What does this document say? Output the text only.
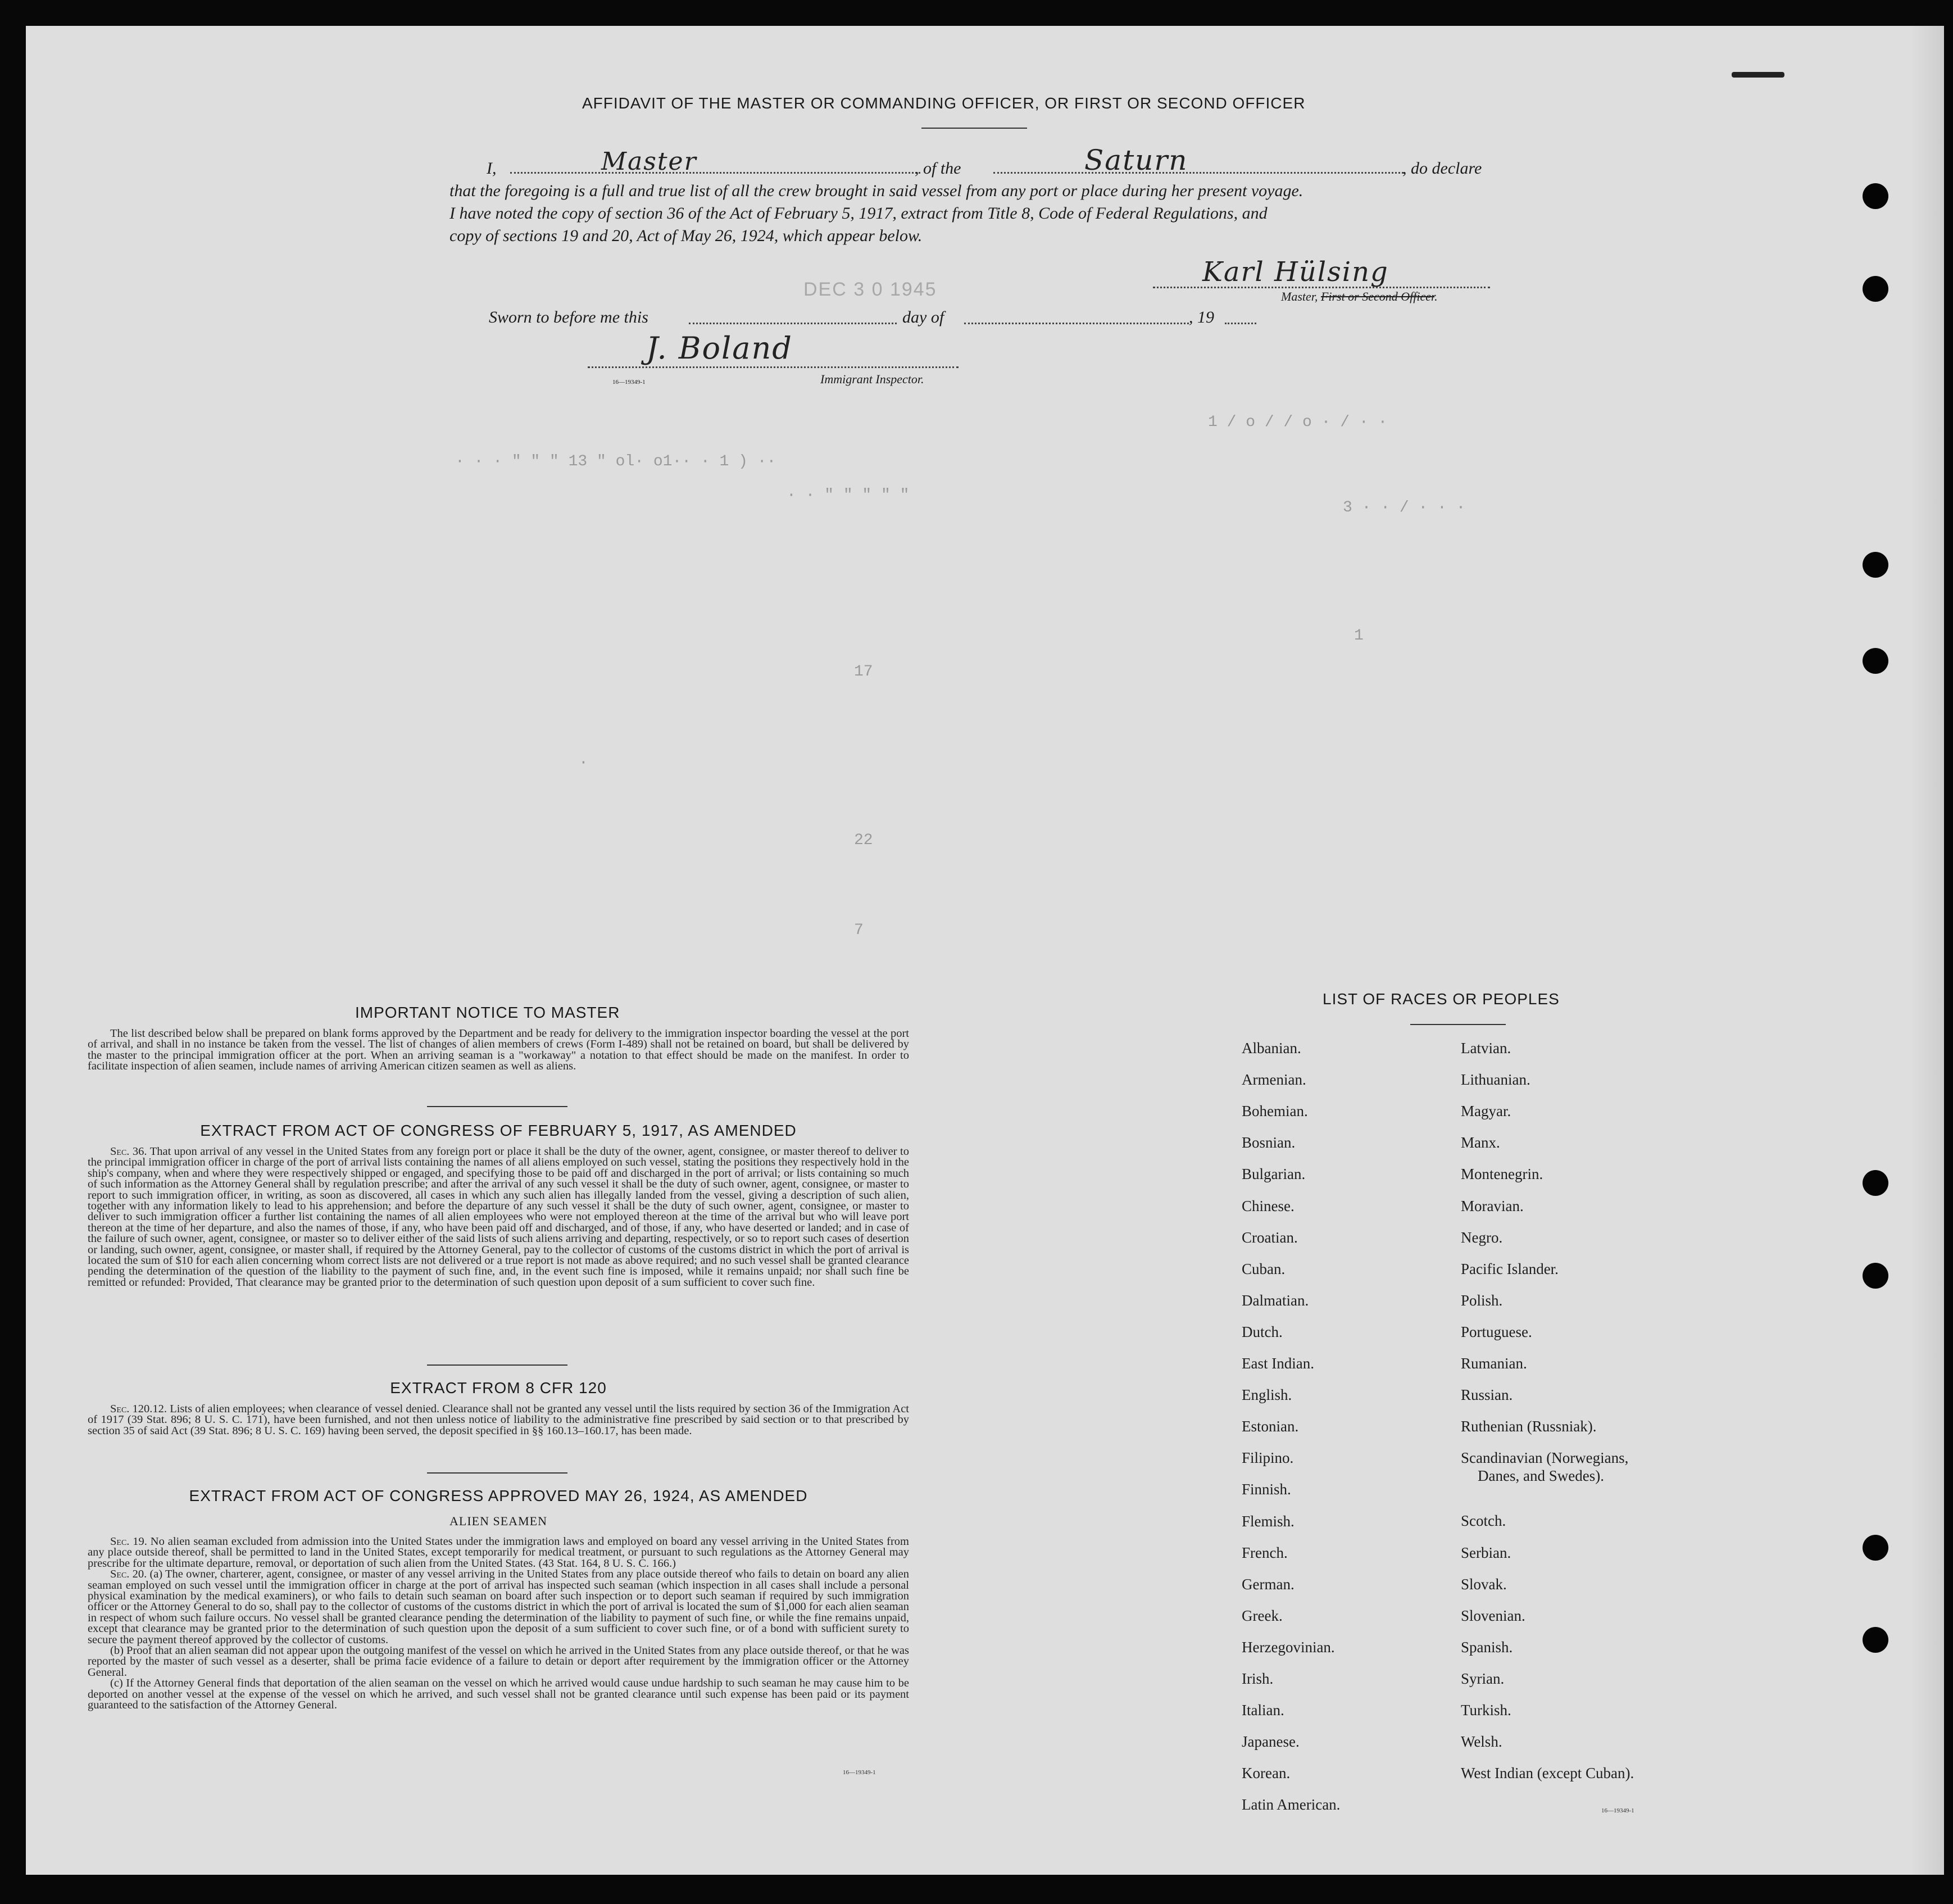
AFFIDAVIT OF THE MASTER OR COMMANDING OFFICER, OR FIRST OR SECOND OFFICER
I,	Master	, of the	Saturn	, do declare
that the foregoing is a full and true list of all the crew brought in said vessel from any port or place during her present voyage.
I have noted the copy of section 36 of the Act of February 5, 1917, extract from Title 8, Code of Federal Regulations, and
copy of sections 19 and 20, Act of May 26, 1924, which appear below.
Karl Hülsing
Master, First or Second Officer.
DEC 3 0 1945
Sworn to before me this	day of	, 19
J. Boland
16—19349-1	Immigrant Inspector.
1 / o / / o · / · ·
· · · " " " 13 " ol· o1·· · 1 ) ··
· · " " " " "
3 · · / · · ·
·
1
17
22
7
IMPORTANT NOTICE TO MASTER

The list described below shall be prepared on blank forms approved by the Department and be ready for delivery to the immigration inspector boarding the vessel at the port of arrival, and shall in no instance be taken from the vessel. The list of changes of alien members of crews (Form I-489) shall not be retained on board, but shall be delivered by the master to the principal immigration officer at the port. When an arriving seaman is a "workaway" a notation to that effect should be made on the manifest. In order to facilitate inspection of alien seamen, include names of arriving American citizen seamen as well as aliens.

EXTRACT FROM ACT OF CONGRESS OF FEBRUARY 5, 1917, AS AMENDED

Sec. 36. That upon arrival of any vessel in the United States from any foreign port or place it shall be the duty of the owner, agent, consignee, or master thereof to deliver to the principal immigration officer in charge of the port of arrival lists containing the names of all aliens employed on such vessel, stating the positions they respectively hold in the ship's company, when and where they were respectively shipped or engaged, and specifying those to be paid off and discharged in the port of arrival; or lists containing so much of such information as the Attorney General shall by regulation prescribe; and after the arrival of any such vessel it shall be the duty of such owner, agent, consignee, or master to report to such immigration officer, in writing, as soon as discovered, all cases in which any such alien has illegally landed from the vessel, giving a description of such alien, together with any information likely to lead to his apprehension; and before the departure of any such vessel it shall be the duty of such owner, agent, consignee, or master to deliver to such immigration officer a further list containing the names of all alien employees who were not employed thereon at the time of the arrival but who will leave port thereon at the time of her departure, and also the names of those, if any, who have been paid off and discharged, and of those, if any, who have deserted or landed; and in case of the failure of such owner, agent, consignee, or master so to deliver either of the said lists of such aliens arriving and departing, respectively, or so to report such cases of desertion or landing, such owner, agent, consignee, or master shall, if required by the Attorney General, pay to the collector of customs of the customs district in which the port of arrival is located the sum of $10 for each alien concerning whom correct lists are not delivered or a true report is not made as above required; and no such vessel shall be granted clearance pending the determination of the question of the liability to the payment of such fine, and, in the event such fine is imposed, while it remains unpaid; nor shall such fine be remitted or refunded: Provided, That clearance may be granted prior to the determination of such question upon deposit of a sum sufficient to cover such fine.

EXTRACT FROM 8 CFR 120

Sec. 120.12. Lists of alien employees; when clearance of vessel denied. Clearance shall not be granted any vessel until the lists required by section 36 of the Immigration Act of 1917 (39 Stat. 896; 8 U. S. C. 171), have been furnished, and not then unless notice of liability to the administrative fine prescribed by said section or to that prescribed by section 35 of said Act (39 Stat. 896; 8 U. S. C. 169) having been served, the deposit specified in §§ 160.13–160.17, has been made.

EXTRACT FROM ACT OF CONGRESS APPROVED MAY 26, 1924, AS AMENDED
ALIEN SEAMEN

Sec. 19. No alien seaman excluded from admission into the United States under the immigration laws and employed on board any vessel arriving in the United States from any place outside thereof, shall be permitted to land in the United States, except temporarily for medical treatment, or pursuant to such regulations as the Attorney General may prescribe for the ultimate departure, removal, or deportation of such alien from the United States. (43 Stat. 164, 8 U. S. C. 166.)

Sec. 20. (a) The owner, charterer, agent, consignee, or master of any vessel arriving in the United States from any place outside thereof who fails to detain on board any alien seaman employed on such vessel until the immigration officer in charge at the port of arrival has inspected such seaman (which inspection in all cases shall include a personal physical examination by the medical examiners), or who fails to detain such seaman on board after such inspection or to deport such seaman if required by such immigration officer or the Attorney General to do so, shall pay to the collector of customs of the customs district in which the port of arrival is located the sum of $1,000 for each alien seaman in respect of whom such failure occurs. No vessel shall be granted clearance pending the determination of the liability to payment of such fine, or while the fine remains unpaid, except that clearance may be granted prior to the determination of such question upon the deposit of a sum sufficient to cover such fine, or of a bond with sufficient surety to secure the payment thereof approved by the collector of customs.

(b) Proof that an alien seaman did not appear upon the outgoing manifest of the vessel on which he arrived in the United States from any place outside thereof, or that he was reported by the master of such vessel as a deserter, shall be prima facie evidence of a failure to detain or deport after requirement by the immigration officer or the Attorney General.

(c) If the Attorney General finds that deportation of the alien seaman on the vessel on which he arrived would cause undue hardship to such seaman he may cause him to be deported on another vessel at the expense of the vessel on which he arrived, and such vessel shall not be granted clearance until such expense has been paid or its payment guaranteed to the satisfaction of the Attorney General.

16—19349-1
LIST OF RACES OR PEOPLES
Albanian.
Armenian.
Bohemian.
Bosnian.
Bulgarian.
Chinese.
Croatian.
Cuban.
Dalmatian.
Dutch.
East Indian.
English.
Estonian.
Filipino.
Finnish.
Flemish.
French.
German.
Greek.
Herzegovinian.
Irish.
Italian.
Japanese.
Korean.
Latin American.
Latvian.
Lithuanian.
Magyar.
Manx.
Montenegrin.
Moravian.
Negro.
Pacific Islander.
Polish.
Portuguese.
Rumanian.
Russian.
Ruthenian (Russniak).
Scandinavian (Norwegians,
Danes, and Swedes).
Scotch.
Serbian.
Slovak.
Slovenian.
Spanish.
Syrian.
Turkish.
Welsh.
West Indian (except Cuban).
16—19349-1
